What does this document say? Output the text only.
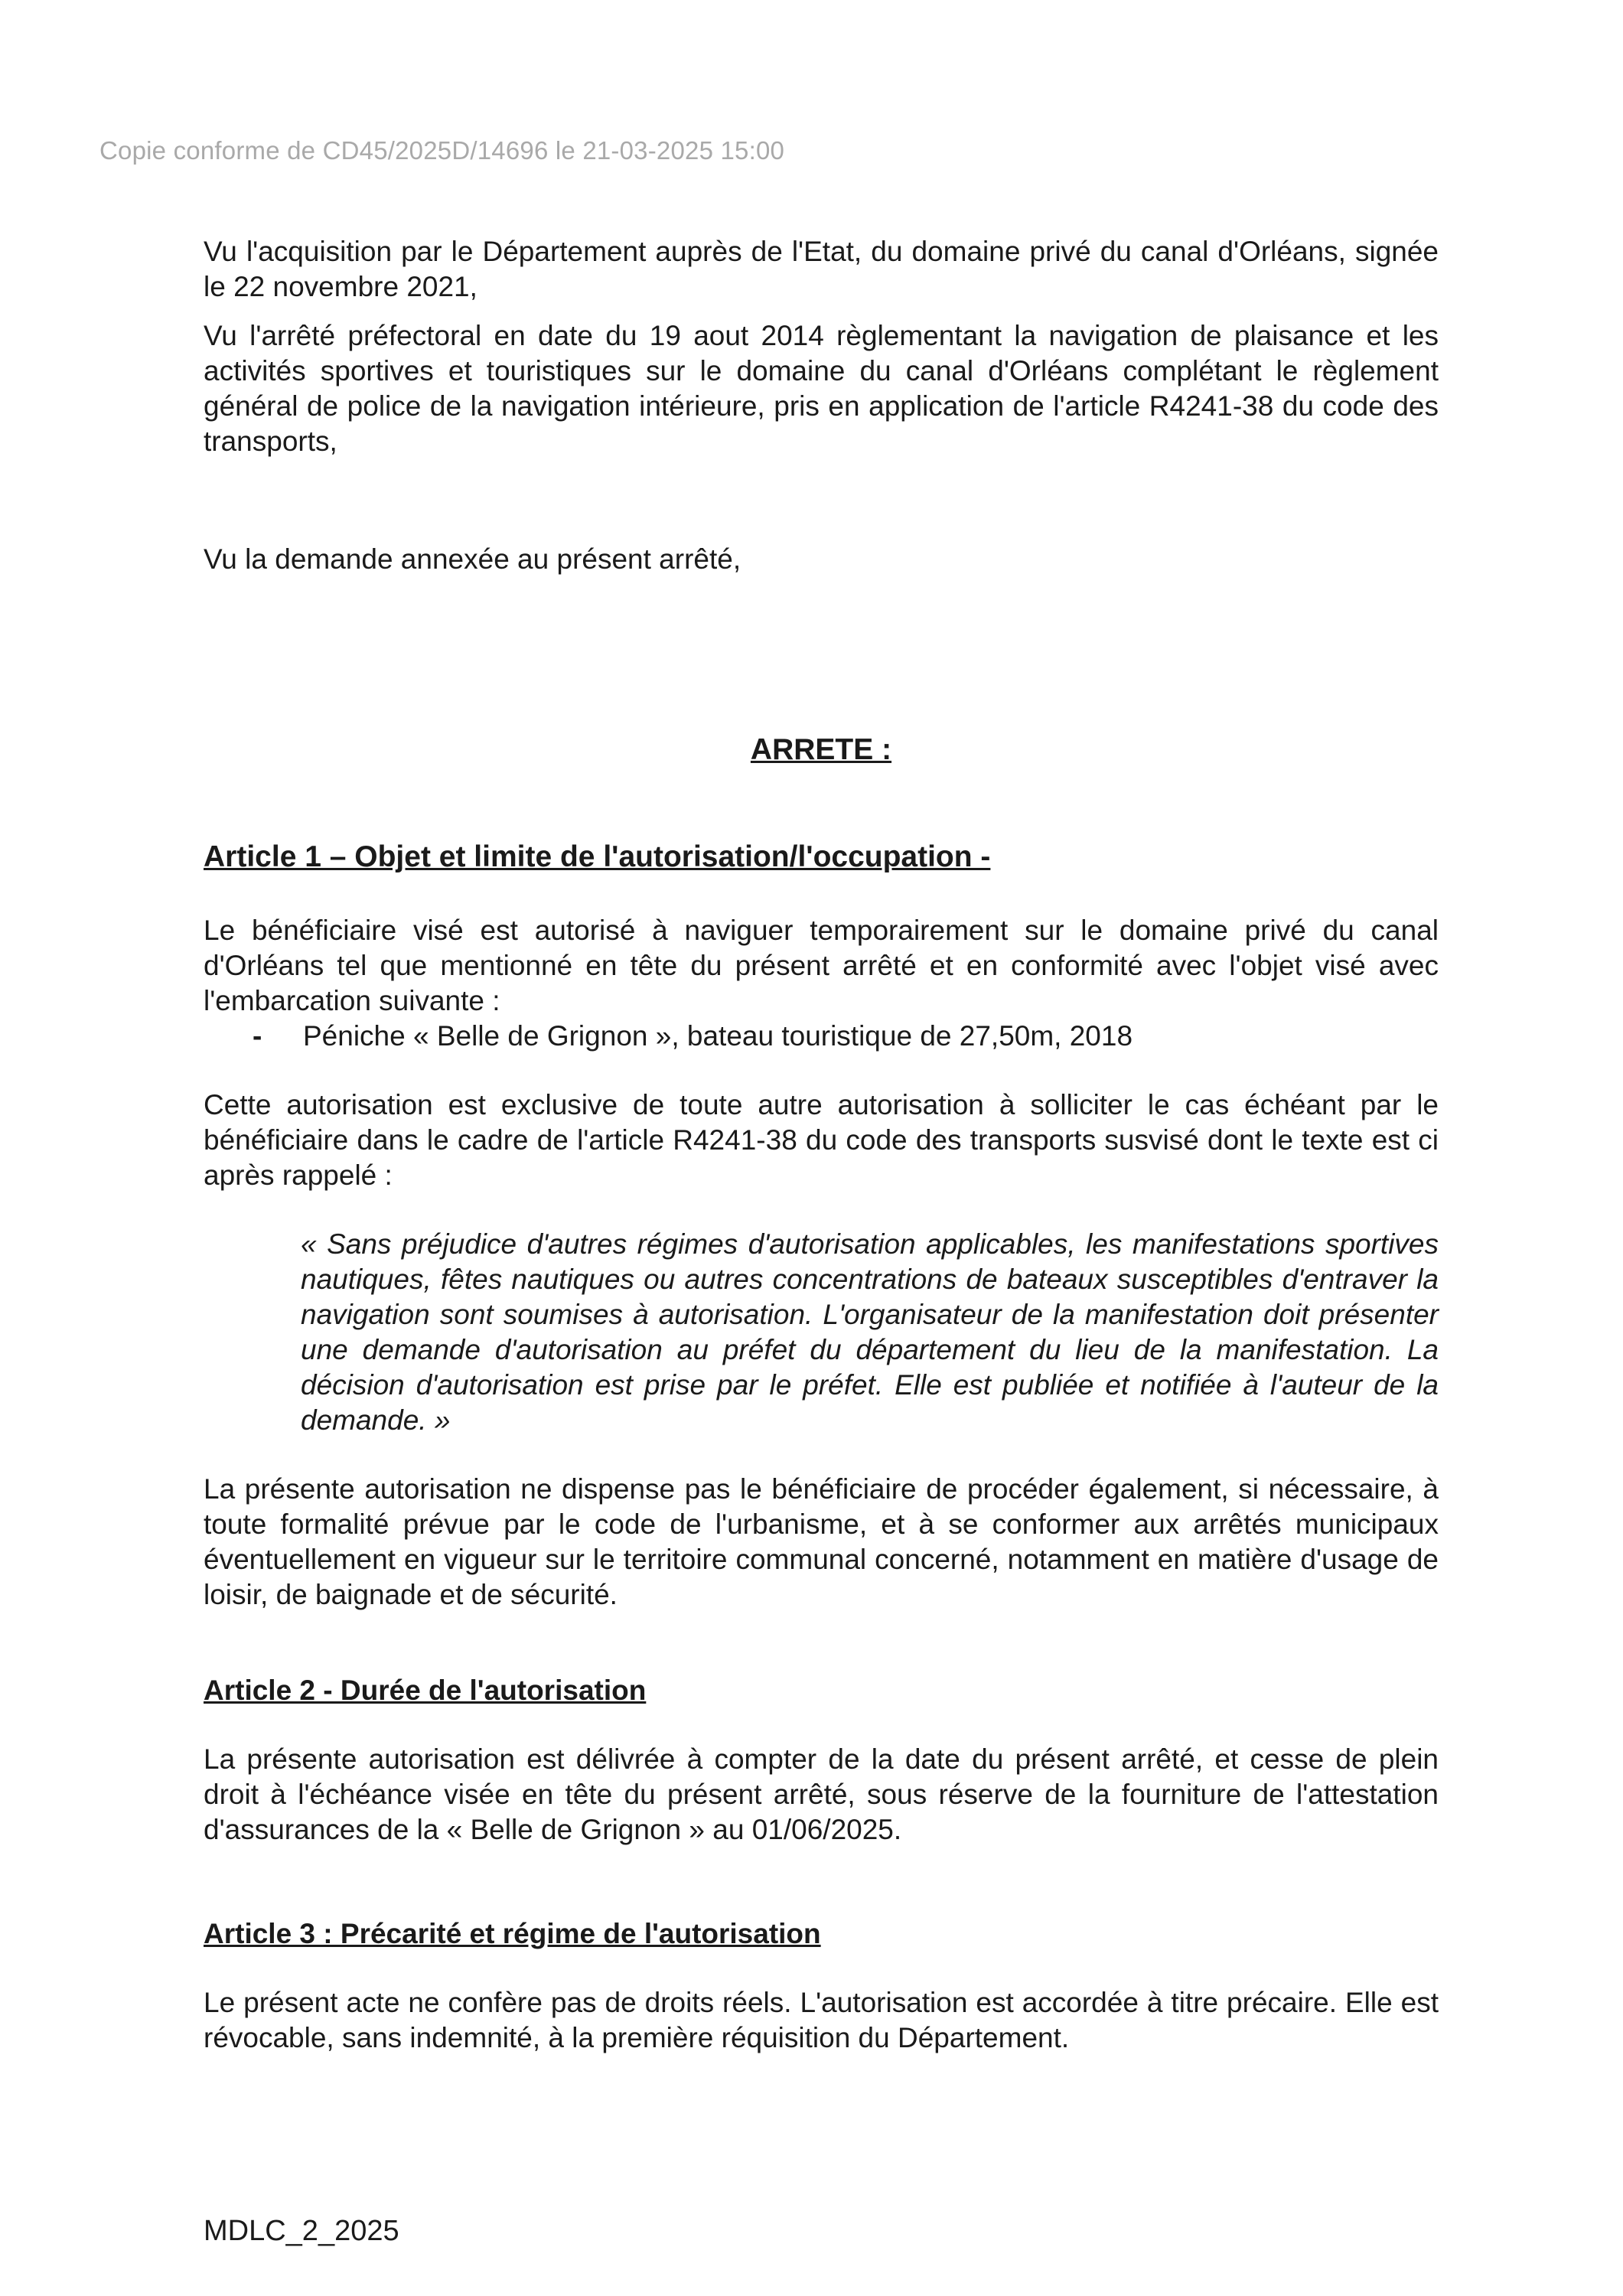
Copie conforme de CD45/2025D/14696 le 21-03-2025 15:00

Vu l'acquisition par le Département auprès de l'Etat, du domaine privé du canal d'Orléans, signée le 22 novembre 2021,

Vu l'arrêté préfectoral en date du 19 aout 2014 règlementant la navigation de plaisance et les activités sportives et touristiques sur le domaine du canal d'Orléans complétant le règlement général de police de la navigation intérieure, pris en application de l'article R4241-38 du code des transports,

Vu la demande annexée au présent arrêté,

ARRETE :

Article 1 – Objet et limite de l'autorisation/l'occupation -

Le bénéficiaire visé est autorisé à naviguer temporairement sur le domaine privé du canal d'Orléans tel que mentionné en tête du présent arrêté et en conformité avec l'objet visé avec l'embarcation suivante :

- Péniche « Belle de Grignon », bateau touristique de 27,50m, 2018

Cette autorisation est exclusive de toute autre autorisation à solliciter le cas échéant par le bénéficiaire dans le cadre de l'article R4241-38 du code des transports susvisé dont le texte est ci après rappelé :

« Sans préjudice d'autres régimes d'autorisation applicables, les manifestations sportives nautiques, fêtes nautiques ou autres concentrations de bateaux susceptibles d'entraver la navigation sont soumises à autorisation. L'organisateur de la manifestation doit présenter une demande d'autorisation au préfet du département du lieu de la manifestation. La décision d'autorisation est prise par le préfet. Elle est publiée et notifiée à l'auteur de la demande. »

La présente autorisation ne dispense pas le bénéficiaire de procéder également, si nécessaire, à toute formalité prévue par le code de l'urbanisme, et à se conformer aux arrêtés municipaux éventuellement en vigueur sur le territoire communal concerné, notamment en matière d'usage de loisir, de baignade et de sécurité.

Article 2 - Durée de l'autorisation

La présente autorisation est délivrée à compter de la date du présent arrêté, et cesse de plein droit à l'échéance visée en tête du présent arrêté, sous réserve de la fourniture de l'attestation d'assurances de la « Belle de Grignon » au 01/06/2025.

Article 3 : Précarité et régime de l'autorisation

Le présent acte ne confère pas de droits réels. L'autorisation est accordée à titre précaire. Elle est révocable, sans indemnité, à la première réquisition du Département.

MDLC_2_2025
